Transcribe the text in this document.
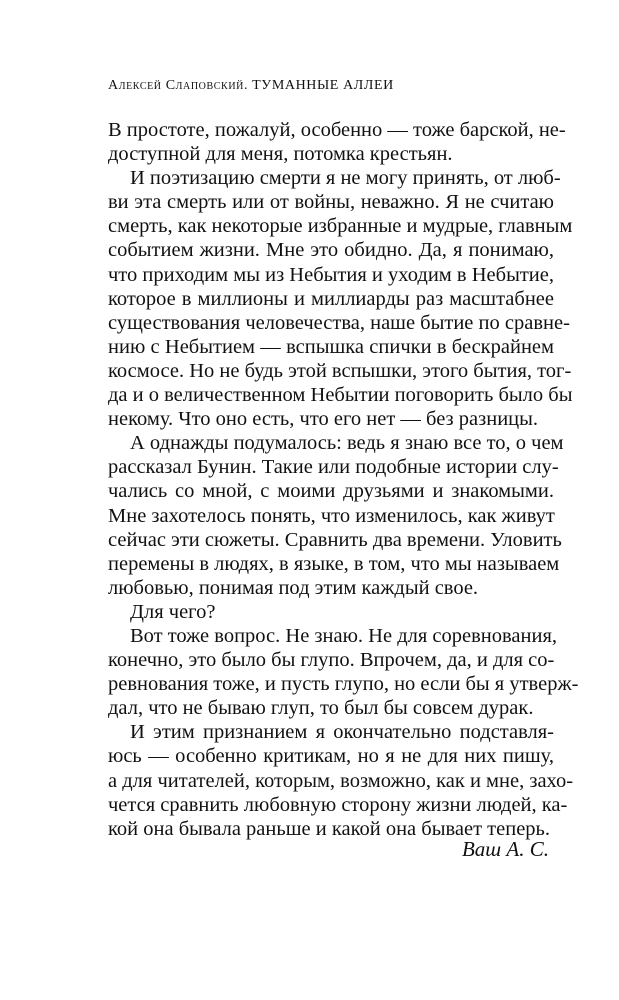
Алексей Слаповский. ТУМАННЫЕ АЛЛЕИ
В простоте, пожалуй, особенно — тоже барской, не-
доступной для меня, потомка крестьян.
И поэтизацию смерти я не могу принять, от люб-
ви эта смерть или от войны, неважно. Я не считаю
смерть, как некоторые избранные и мудрые, главным
событием жизни. Мне это обидно. Да, я понимаю,
что приходим мы из Небытия и уходим в Небытие,
которое в миллионы и миллиарды раз масштабнее
существования человечества, наше бытие по сравне-
нию с Небытием — вспышка спички в бескрайнем
космосе. Но не будь этой вспышки, этого бытия, тог-
да и о величественном Небытии поговорить было бы
некому. Что оно есть, что его нет — без разницы.
А однажды подумалось: ведь я знаю все то, о чем
рассказал Бунин. Такие или подобные истории слу-
чались со мной, с моими друзьями и знакомыми.
Мне захотелось понять, что изменилось, как живут
сейчас эти сюжеты. Сравнить два времени. Уловить
перемены в людях, в языке, в том, что мы называем
любовью, понимая под этим каждый свое.
Для чего?
Вот тоже вопрос. Не знаю. Не для соревнования,
конечно, это было бы глупо. Впрочем, да, и для со-
ревнования тоже, и пусть глупо, но если бы я утверж-
дал, что не бываю глуп, то был бы совсем дурак.
И этим признанием я окончательно подставля-
юсь — особенно критикам, но я не для них пишу,
а для читателей, которым, возможно, как и мне, захо-
чется сравнить любовную сторону жизни людей, ка-
кой она бывала раньше и какой она бывает теперь.
Ваш А. С.
